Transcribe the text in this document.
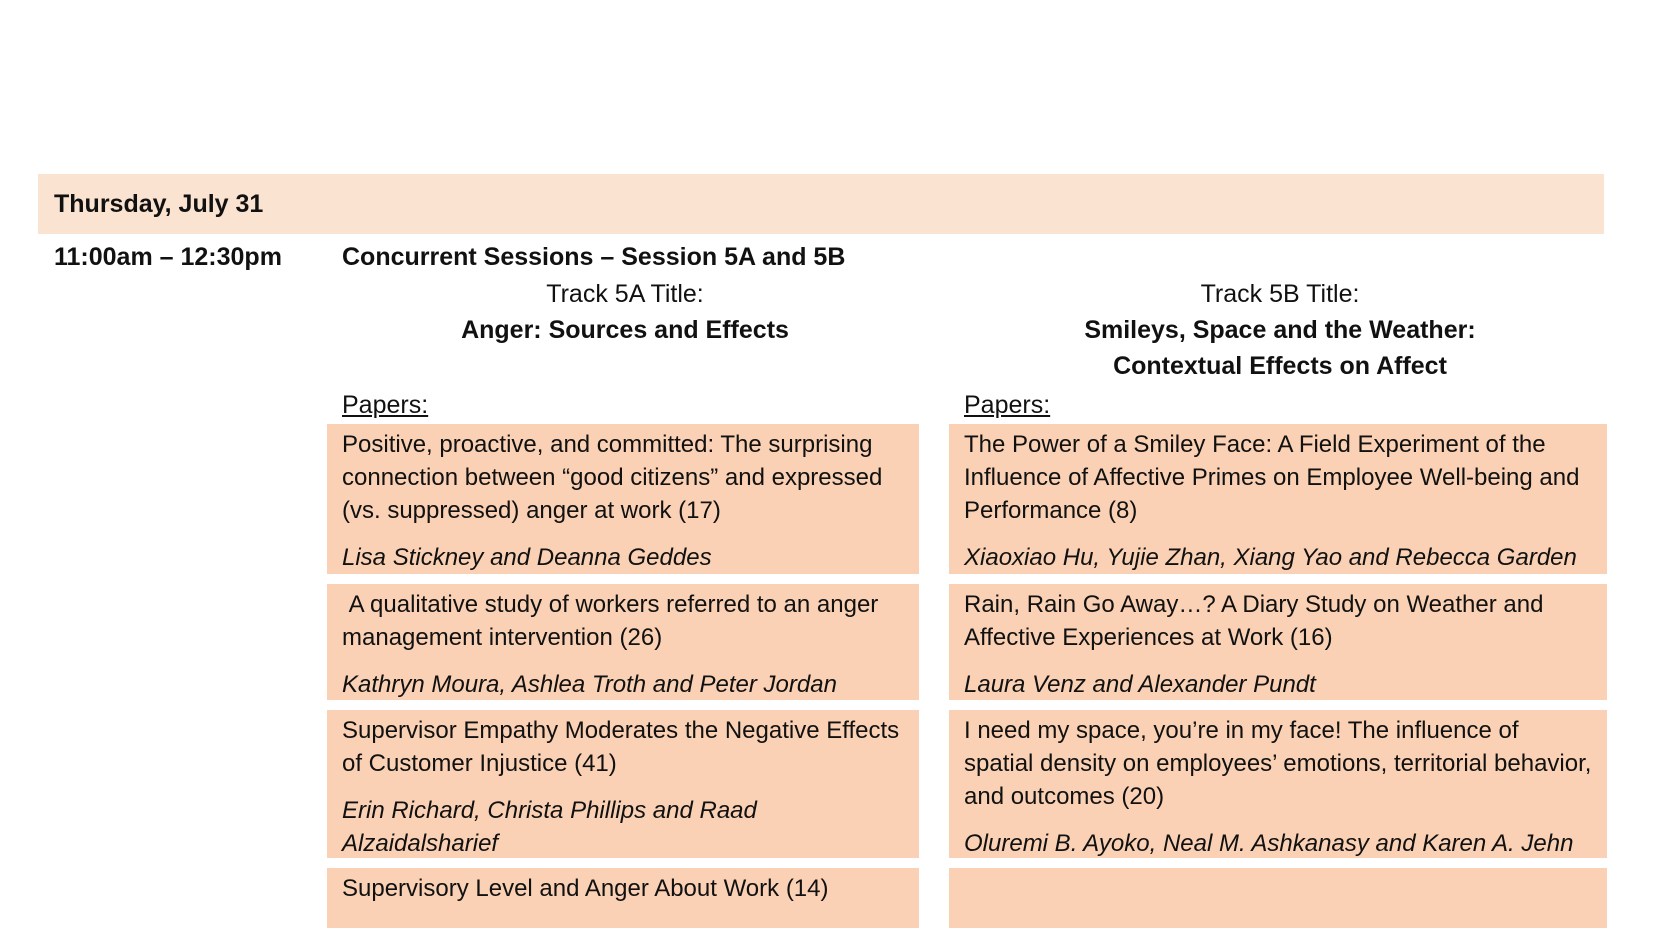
Thursday, July 31
11:00am – 12:30pm Concurrent Sessions – Session 5A and 5B
Track 5A Title:
Anger: Sources and Effects
Track 5B Title:
Smileys, Space and the Weather:
Contextual Effects on Affect
Papers:	Papers:
Positive, proactive, and committed: The surprising connection between “good citizens” and expressed (vs. suppressed) anger at work (17)
Lisa Stickney and Deanna Geddes
A qualitative study of workers referred to an anger management intervention (26)
Kathryn Moura, Ashlea Troth and Peter Jordan
Supervisor Empathy Moderates the Negative Effects of Customer Injustice (41)
Erin Richard, Christa Phillips and Raad Alzaidalsharief
Supervisory Level and Anger About Work (14)
The Power of a Smiley Face: A Field Experiment of the Influence of Affective Primes on Employee Well-being and Performance (8)
Xiaoxiao Hu, Yujie Zhan, Xiang Yao and Rebecca Garden
Rain, Rain Go Away…? A Diary Study on Weather and Affective Experiences at Work (16)
Laura Venz and Alexander Pundt
I need my space, you’re in my face! The influence of spatial density on employees’ emotions, territorial behavior, and outcomes (20)
Oluremi B. Ayoko, Neal M. Ashkanasy and Karen A. Jehn
